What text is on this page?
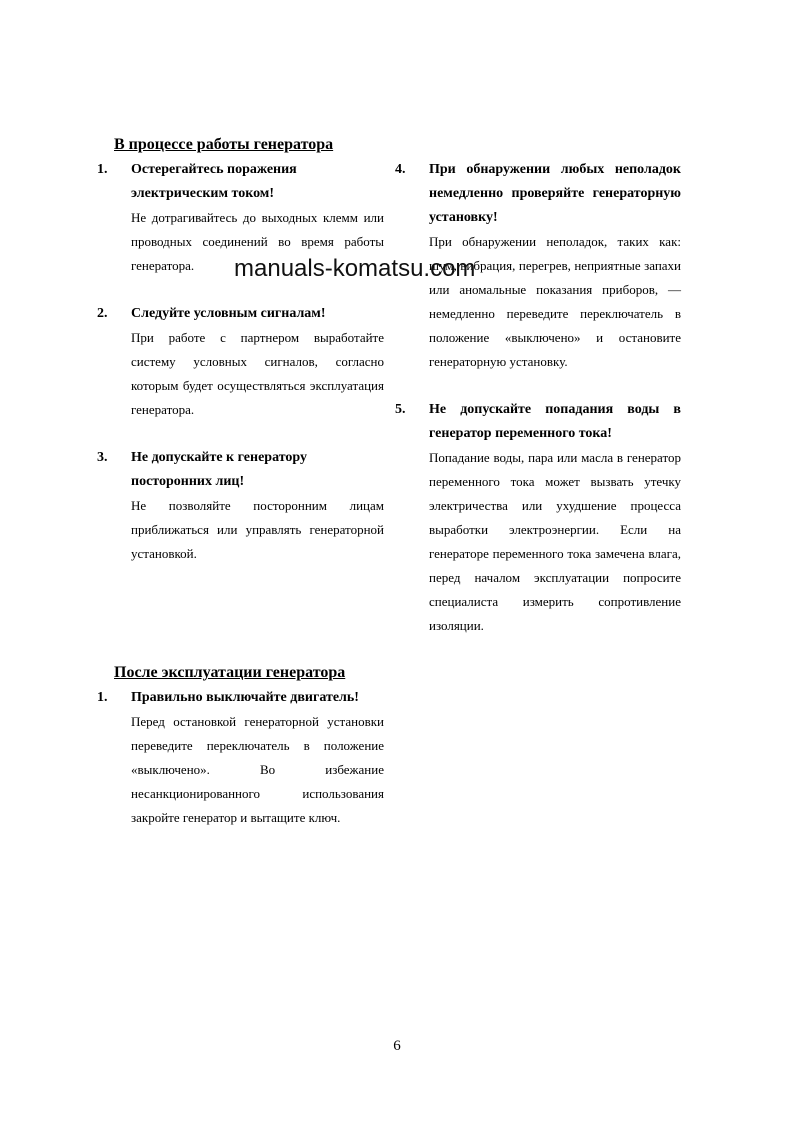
В процессе работы генератора
1. Остерегайтесь поражения электрическим током!
Не дотрагивайтесь до выходных клемм или проводных соединений во время работы генератора.
2. Следуйте условным сигналам!
При работе с партнером выработайте систему условных сигналов, согласно которым будет осуществляться эксплуатация генератора.
3. Не допускайте к генератору посторонних лиц!
Не позволяйте посторонним лицам приближаться или управлять генераторной установкой.
4. При обнаружении любых неполадок немедленно проверяйте генераторную установку!
При обнаружении неполадок, таких как: шум, вибрация, перегрев, неприятные запахи или аномальные показания приборов, — немедленно переведите переключатель в положение «выключено» и остановите генераторную установку.
5. Не допускайте попадания воды в генератор переменного тока!
Попадание воды, пара или масла в генератор переменного тока может вызвать утечку электричества или ухудшение процесса выработки электроэнергии. Если на генераторе переменного тока замечена влага, перед началом эксплуатации попросите специалиста измерить сопротивление изоляции.
После эксплуатации генератора
1. Правильно выключайте двигатель!
Перед остановкой генераторной установки переведите переключатель в положение «выключено». Во избежание несанкционированного использования закройте генератор и вытащите ключ.
manuals-komatsu.com
6
